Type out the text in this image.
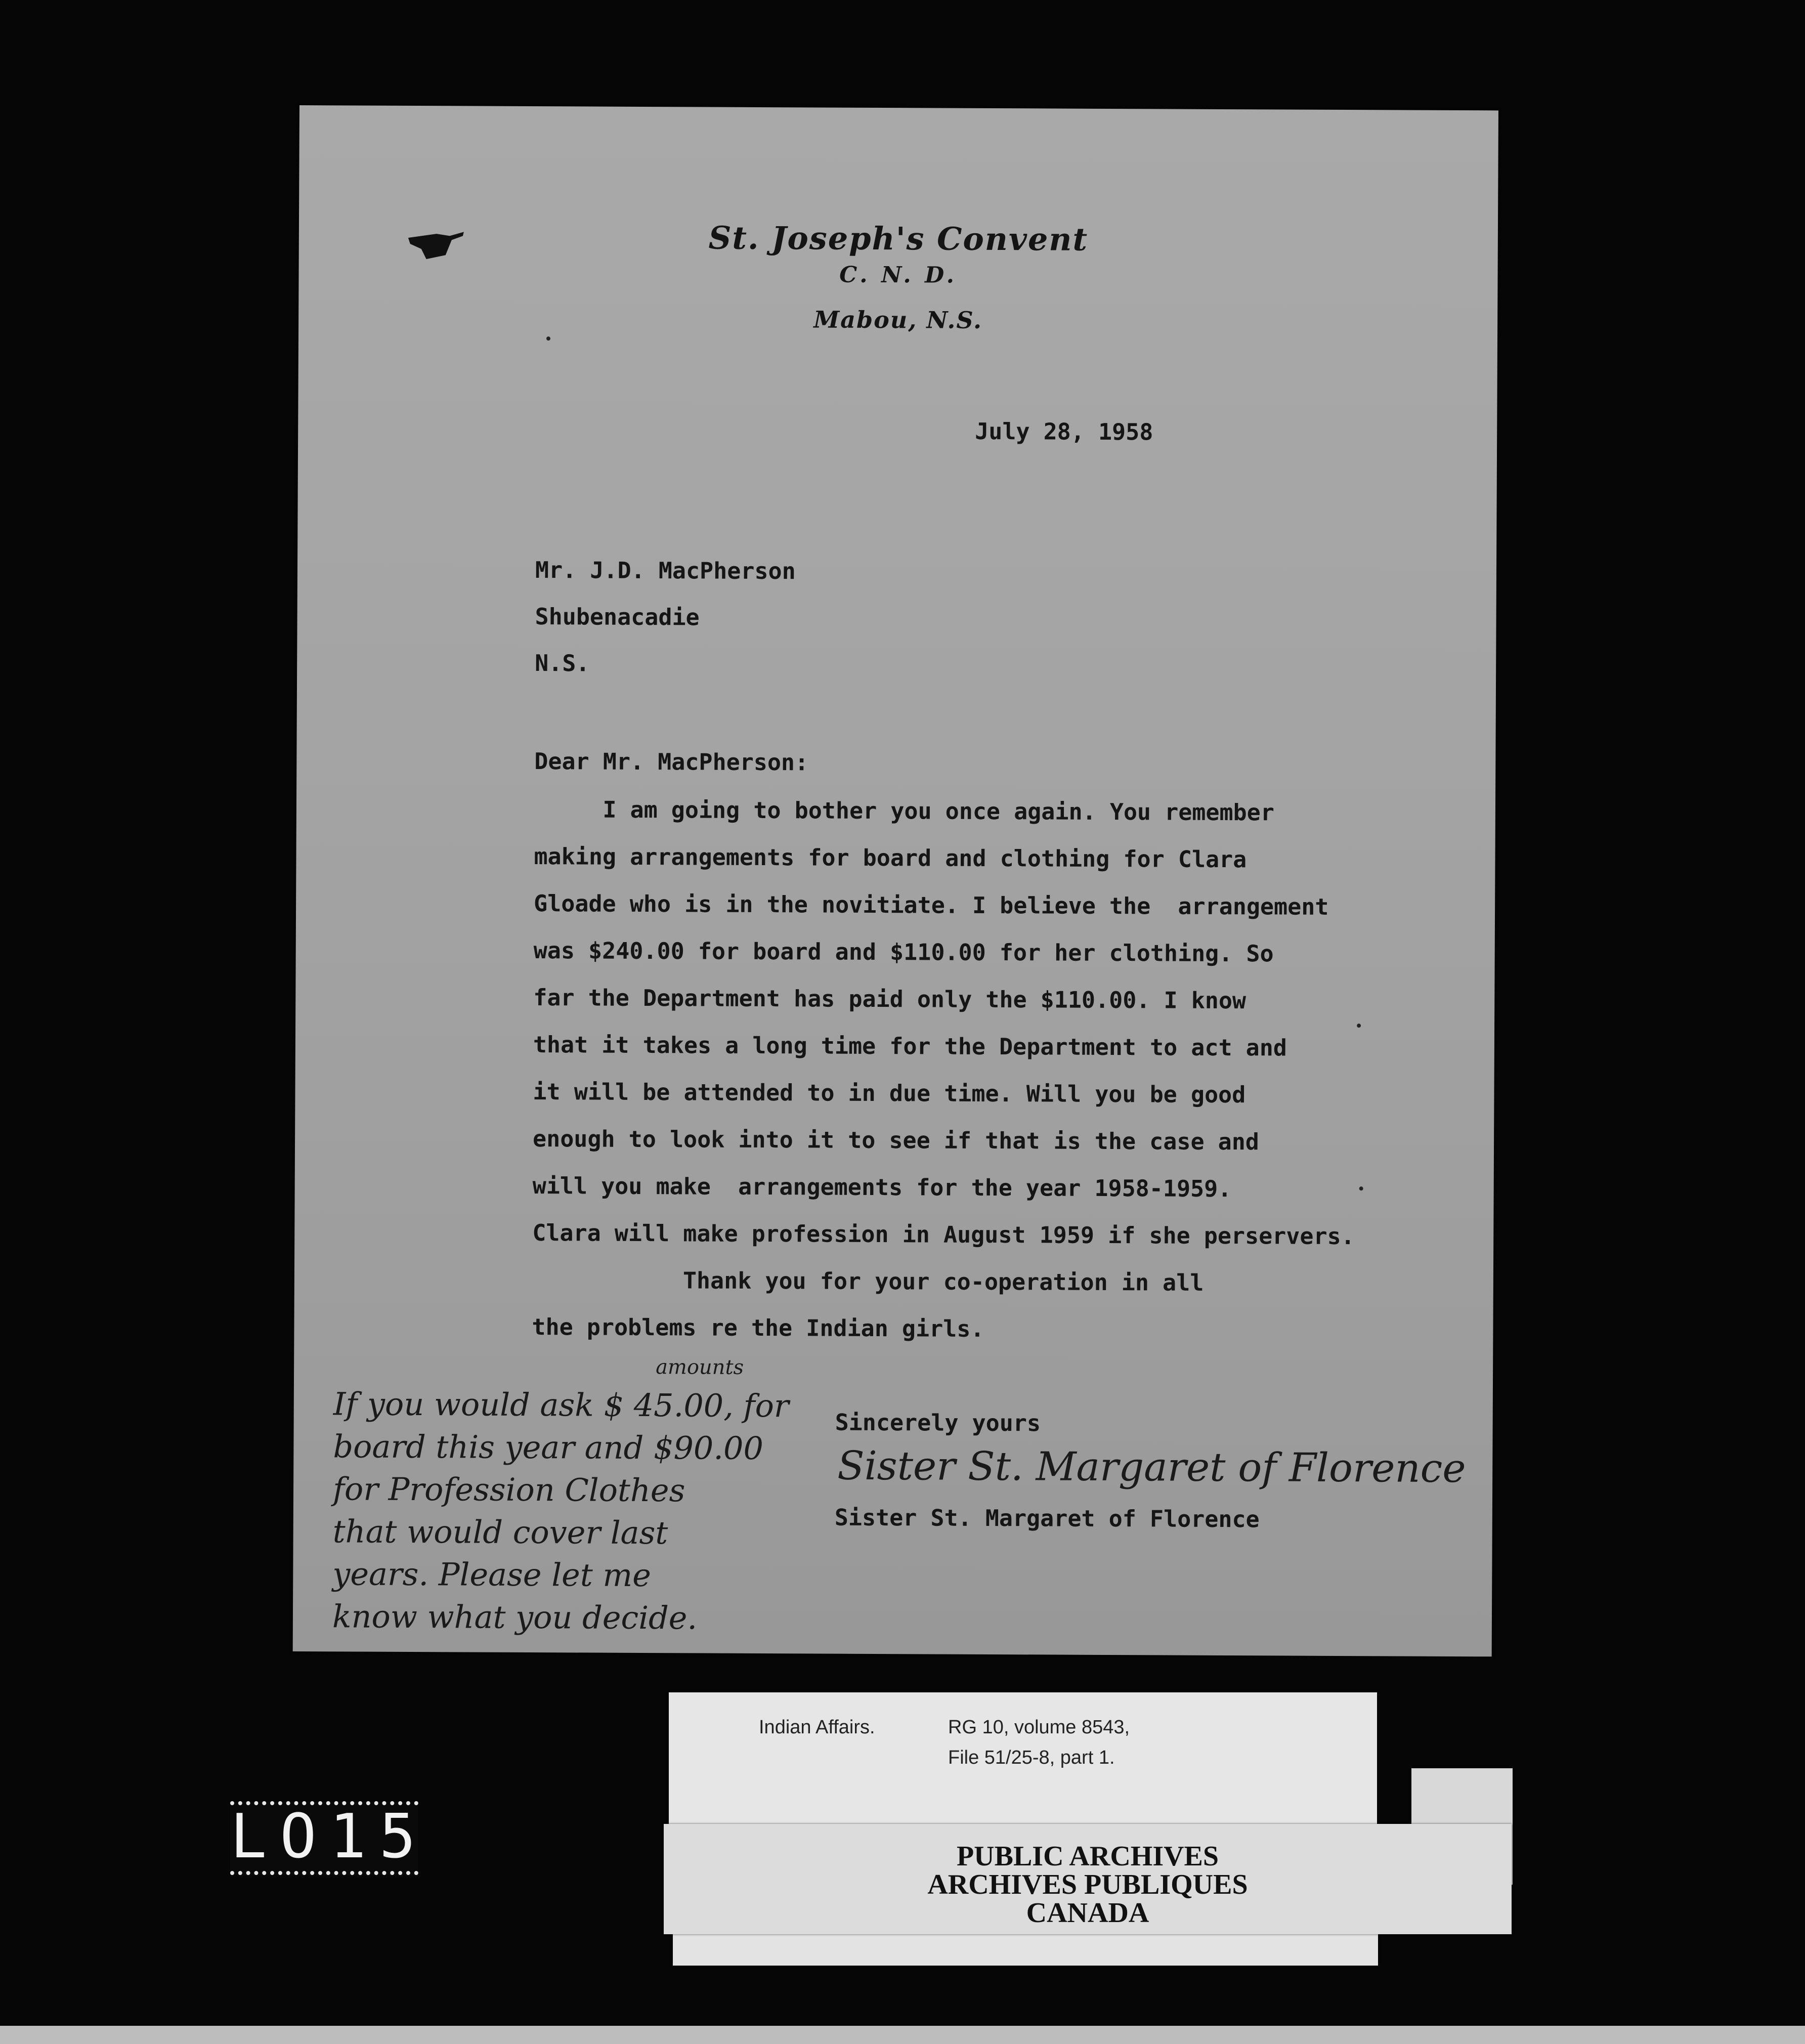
St. Joseph's Convent
C. N. D.
Mabou, N.S.
July 28, 1958
Mr. J.D. MacPherson
Shubenacadie
N.S.
Dear Mr. MacPherson:
I am going to bother you once again. You remember
making arrangements for board and clothing for Clara
Gloade who is in the novitiate. I believe the  arrangement
was $240.00 for board and $110.00 for her clothing. So
far the Department has paid only the $110.00. I know
that it takes a long time for the Department to act and
it will be attended to in due time. Will you be good
enough to look into it to see if that is the case and
will you make  arrangements for the year 1958-1959.
Clara will make profession in August 1959 if she perservers.
Thank you for your co-operation in all
the problems re the Indian girls.
Sincerely yours
Sister St. Margaret of Florence
Sister St. Margaret of Florence
amounts
If you would ask $ 45.00, for
board this year and $90.00
for Profession Clothes
that would cover last
years. Please let me
know what you decide.
Indian Affairs.	RG 10, volume 8543,
File 51/25-8, part 1.
PUBLIC ARCHIVES
ARCHIVES PUBLIQUES
CANADA
LO15
